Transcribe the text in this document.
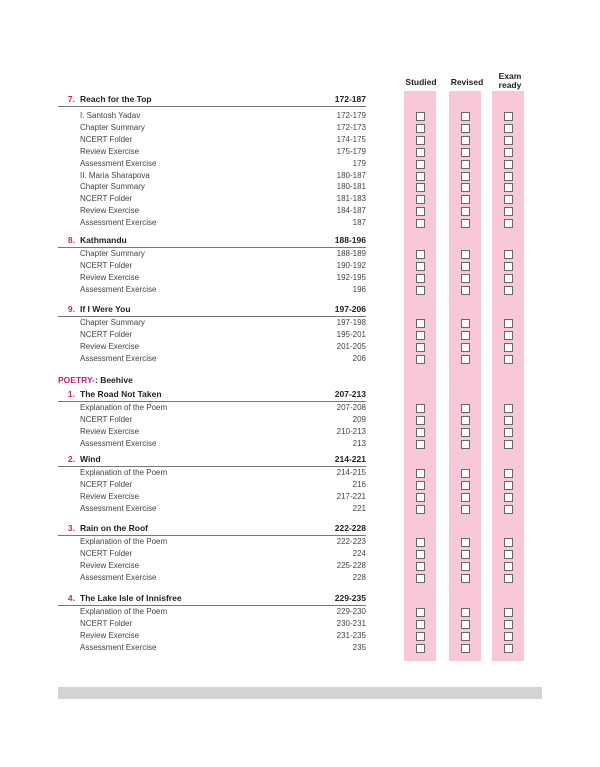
Studied	Revised
Exam
ready
7. Reach for the Top	172-187
I. Santosh Yadav	172-179
Chapter Summary	172-173
NCERT Folder	174-175
Review Exercise	175-179
Assessment Exercise	179
II. Maria Sharapova	180-187
Chapter Summary	180-181
NCERT Folder	181-183
Review Exercise	184-187
Assessment Exercise	187
8. Kathmandu	188-196
Chapter Summary	188-189
NCERT Folder	190-192
Review Exercise	192-195
Assessment Exercise	196
9. If I Were You	197-206
Chapter Summary	197-198
NCERT Folder	195-201
Review Exercise	201-205
Assessment Exercise	206
POETRY-: Beehive
1. The Road Not Taken	207-213
Explanation of the Poem	207-208
NCERT Folder	209
Review Exercise	210-213
Assessment Exercise	213
2. Wind	214-221
Explanation of the Poem	214-215
NCERT Folder	216
Review Exercise	217-221
Assessment Exercise	221
3. Rain on the Roof	222-228
Explanation of the Poem	222-223
NCERT Folder	224
Review Exercise	225-228
Assessment Exercise	228
4. The Lake Isle of Innisfree	229-235
Explanation of the Poem	229-230
NCERT Folder	230-231
Review Exercise	231-235
Assessment Exercise	235
